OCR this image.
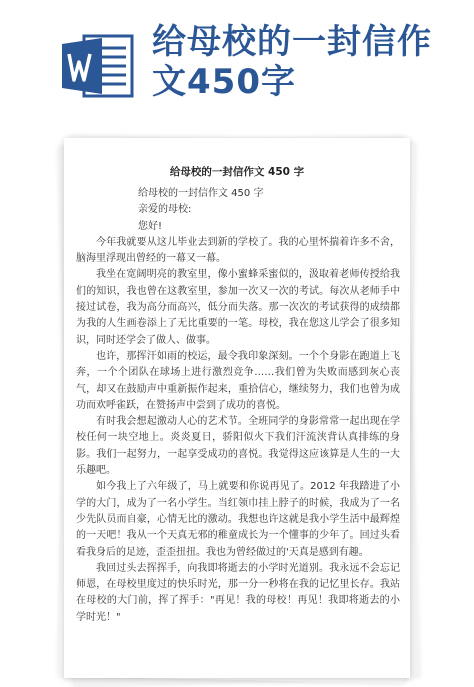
给母校的一封信作
文450字
给母校的一封信作文 450 字

给母校的一封信作文 450 字

亲爱的母校:

您好!

今年我就要从这儿毕业去到新的学校了。我的心里怀揣着许多不舍，脑海里浮现出曾经的一幕又一幕。

我坐在宽阔明亮的教室里，像小蜜蜂采蜜似的，汲取着老师传授给我们的知识，我也曾在这教室里，参加一次又一次的考试。每次从老师手中接过试卷，我为高分而高兴，低分而失落。那一次次的考试获得的成绩都为我的人生画卷添上了无比重要的一笔。母校，我在您这儿学会了很多知识，同时还学会了做人、做事。

也许，那挥汗如雨的校运，最令我印象深刻。一个个身影在跑道上飞奔，一个个团队在球场上进行激烈竞争……我们曾为失败而感到灰心丧气，却又在鼓励声中重新振作起来，重拾信心，继续努力，我们也曾为成功而欢呼雀跃，在赞扬声中尝到了成功的喜悦。

有时我会想起激动人心的艺术节。全班同学的身影常常一起出现在学校任何一块空地上。炎炎夏日，骄阳似火下我们汗流浃背认真排练的身影。我们一起努力，一起享受成功的喜悦。我觉得这应该算是人生的一大乐趣吧。

如今我上了六年级了，马上就要和你说再见了。2012 年我踏进了小学的大门，成为了一名小学生。当红领巾挂上脖子的时候，我成为了一名少先队员而自豪，心情无比的激动。我想也许这就是我小学生活中最辉煌的一天吧！我从一个天真无邪的稚童成长为一个懂事的少年了。回过头看看我身后的足迹，歪歪扭扭。我也为曾经做过的'天真是感到有趣。

我回过头去挥挥手，向我即将逝去的小学时光道别。我永远不会忘记师恩，在母校里度过的快乐时光，那一分一秒将在我的记忆里长存。我站在母校的大门前，挥了挥手："再见！我的母校！再见！我即将逝去的小学时光！"
